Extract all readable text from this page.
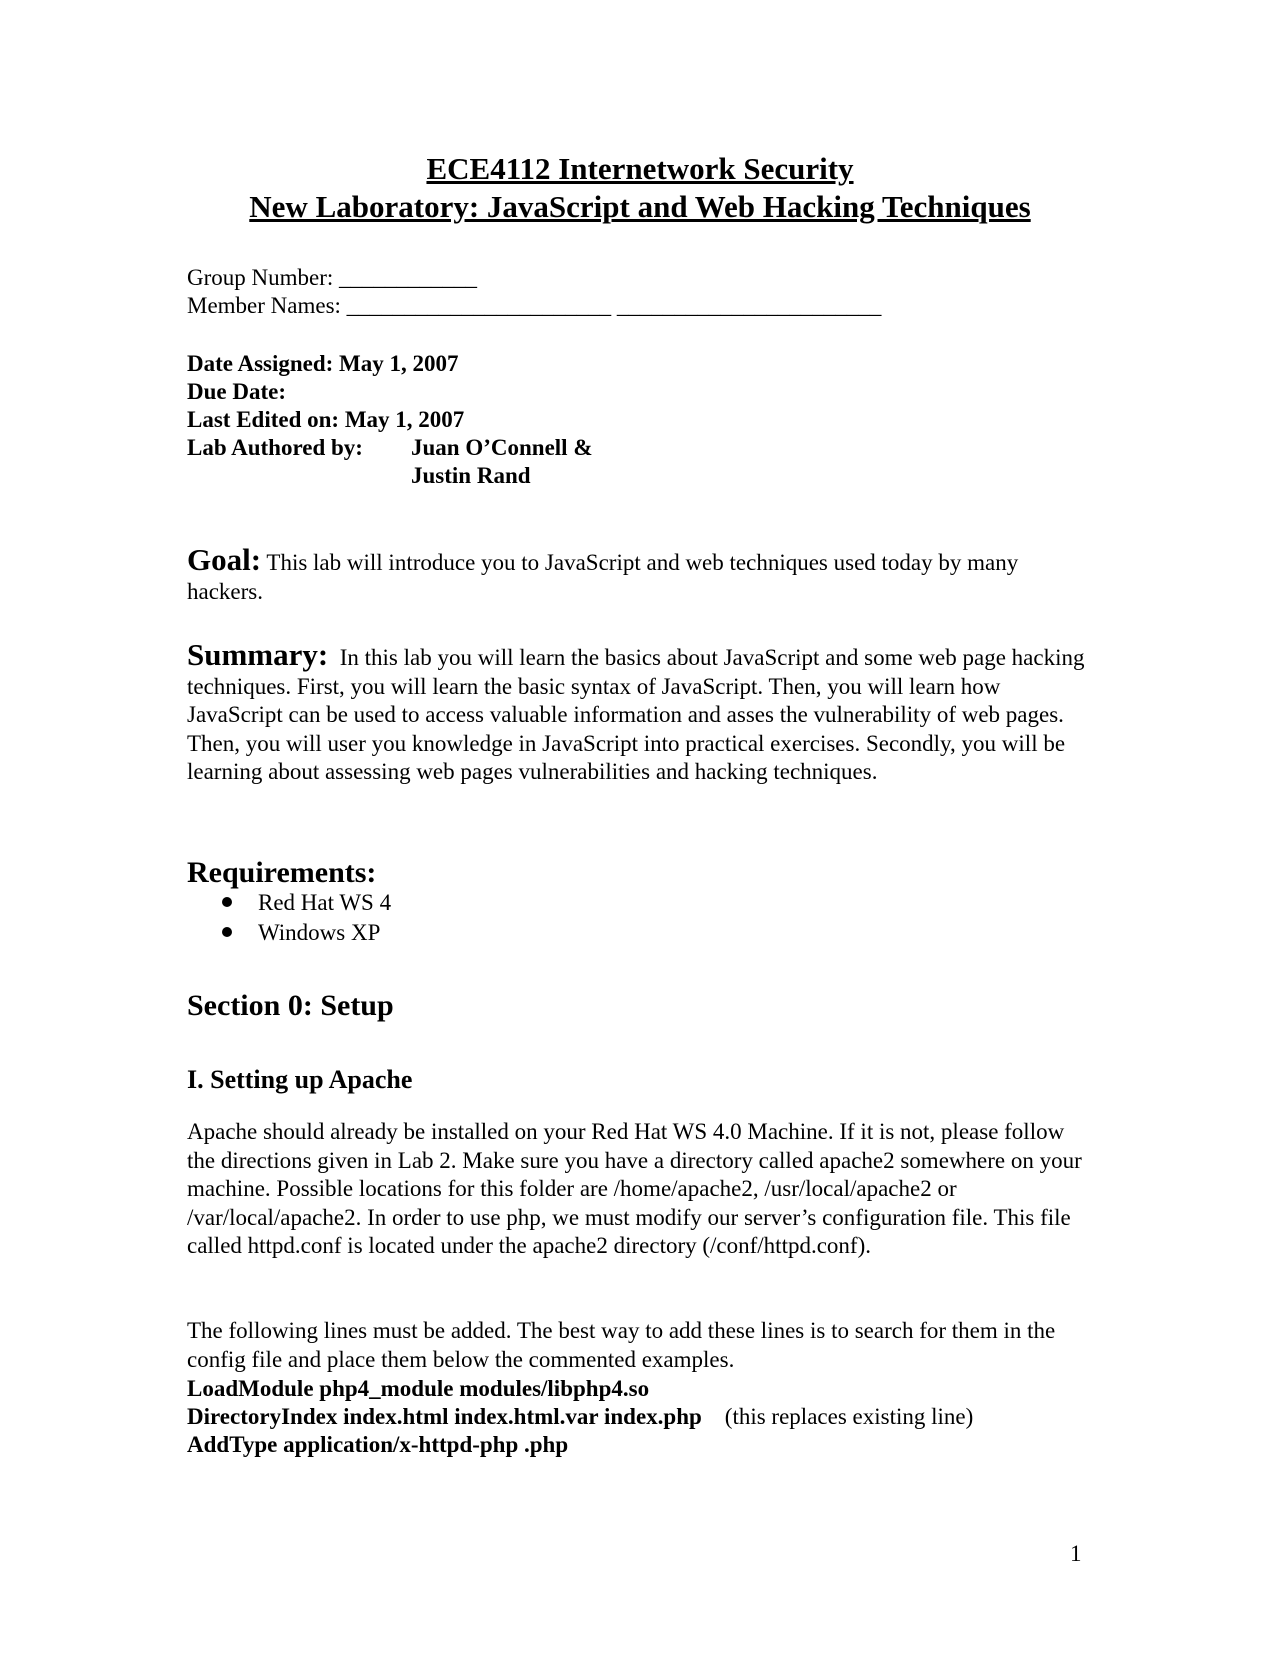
ECE4112 Internetwork Security
New Laboratory: JavaScript and Web Hacking Techniques
Group Number: ____________
Member Names: _______________________ _______________________
Date Assigned: May 1, 2007
Due Date:
Last Edited on: May 1, 2007
Lab Authored by: Juan O’Connell &
Justin Rand
Goal: This lab will introduce you to JavaScript and web techniques used today by many hackers.
Summary: In this lab you will learn the basics about JavaScript and some web page hacking techniques. First, you will learn the basic syntax of JavaScript. Then, you will learn how JavaScript can be used to access valuable information and asses the vulnerability of web pages. Then, you will user you knowledge in JavaScript into practical exercises. Secondly, you will be learning about assessing web pages vulnerabilities and hacking techniques.
Requirements:
Red Hat WS 4
Windows XP
Section 0: Setup
I. Setting up Apache
Apache should already be installed on your Red Hat WS 4.0 Machine. If it is not, please follow the directions given in Lab 2. Make sure you have a directory called apache2 somewhere on your machine. Possible locations for this folder are /home/apache2, /usr/local/apache2 or /var/local/apache2. In order to use php, we must modify our server’s configuration file. This file called httpd.conf is located under the apache2 directory (/conf/httpd.conf).
The following lines must be added. The best way to add these lines is to search for them in the config file and place them below the commented examples.
LoadModule php4_module modules/libphp4.so
DirectoryIndex index.html index.html.var index.php (this replaces existing line)
AddType application/x-httpd-php .php
1
